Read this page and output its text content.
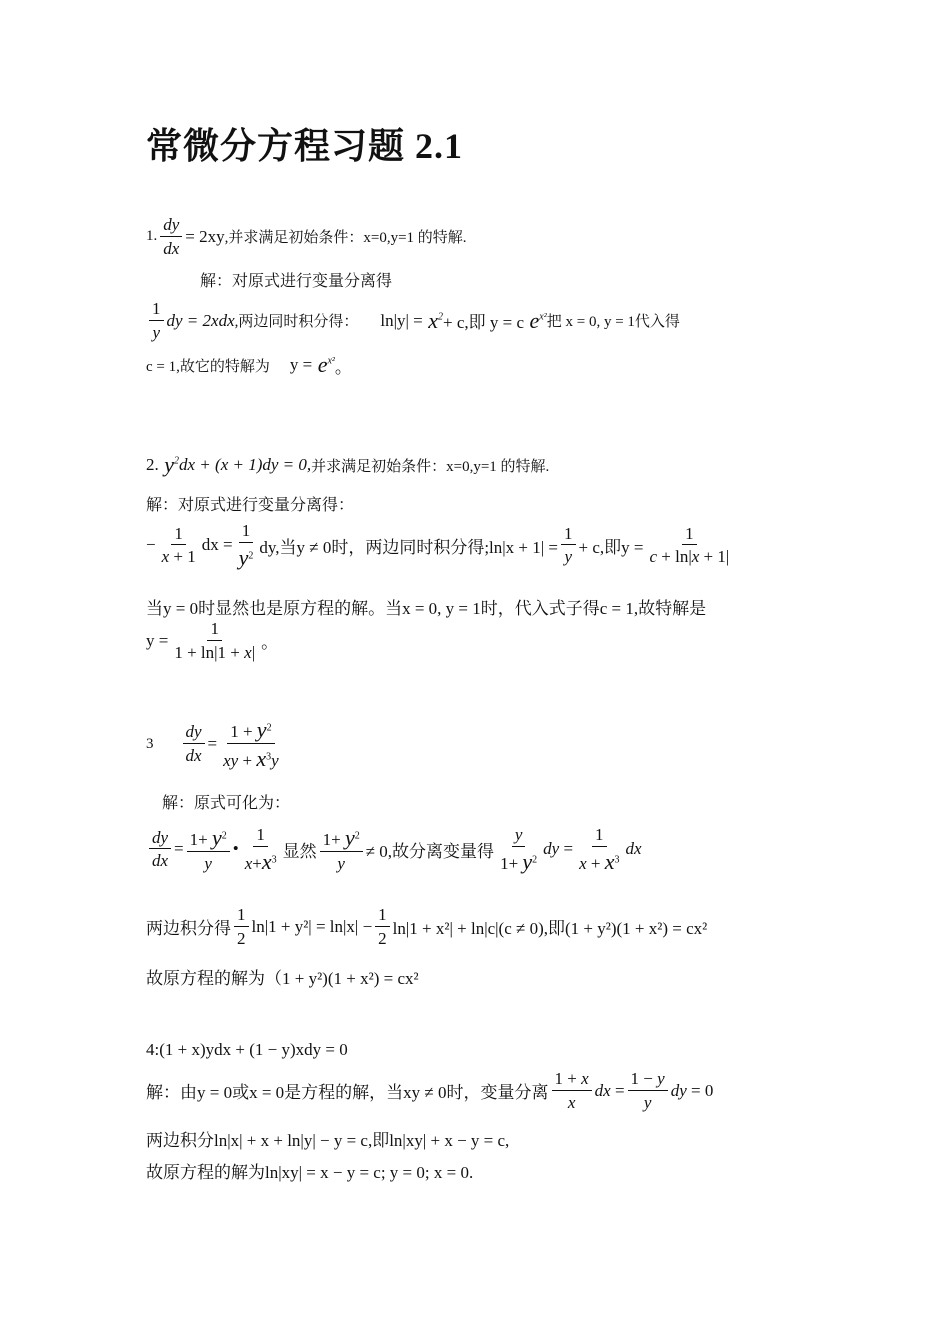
常微分方程习题 2.1
1. $\frac{dy}{dx} = 2xy$ ,并求满足初始条件：x=0,y=1 的特解.
解：对原式进行变量分离得
$\frac{1}{y}$ dy = 2xdx ,两边同时积分得： $\ln|y| = x^2 + c$,即 y = c $e^{x^2}$ 把 x = 0, y = 1代入得
c = 1,故它的特解为 $y = e^{x^2}$ 。
2. $y^2$ dx + (x + 1)dy = 0, 并求满足初始条件：x=0,y=1 的特解.
解：对原式进行变量分离得：
− $\frac{1}{x + 1}$ dx = $\frac{1}{y^2}$ dy,当y ≠ 0时，两边同时积分得;ln|x + $1| = \frac{1}{y} + c$,即$y = \frac{1}{c + \ln|x + 1|}$
当y = 0时显然也是原方程的解。当x = 0, y = 1时，代入式子得c = 1,故特解是
$y = \frac{1}{1 + \ln|1 + x|}$ 。
$3 \frac{dy}{dx} = \frac{1 + y^2}{xy + x^3y}$
解：原式可化为：
$\frac{dy}{dx} = \frac{1+ y^2}{y}$ • $\frac{1}{x+x^3}$ 显然 $\frac{1+ y^2}{y} \ne 0$,故分离变量得 $\frac{y}{1+ y^2}$ dy = $\frac{1}{x + x^3}$ dx
两边积分得 $\frac{1}{2} \ln|1 + y^2| = \ln|x| - \frac{1}{2} \ln|1 + x^2| + \ln|c|(c \ne 0)$,即(1 + y²)(1 + x²) = cx²
故原方程的解为（1 + y²)(1 + x²) = cx²
4:(1 + x)ydx + (1 − y)xdy = 0
解：由y = 0或x = 0是方程的解，当xy ≠ 0时，变量分离 $\frac{1 + x}{x}$ dx = $\frac{1 - y}{y}$ dy = 0
两边积分ln|x| + x + ln|y| − y = c,即ln|xy| + x − y = c,
故原方程的解为ln|xy| = x − y = c; y = 0; x = 0.
